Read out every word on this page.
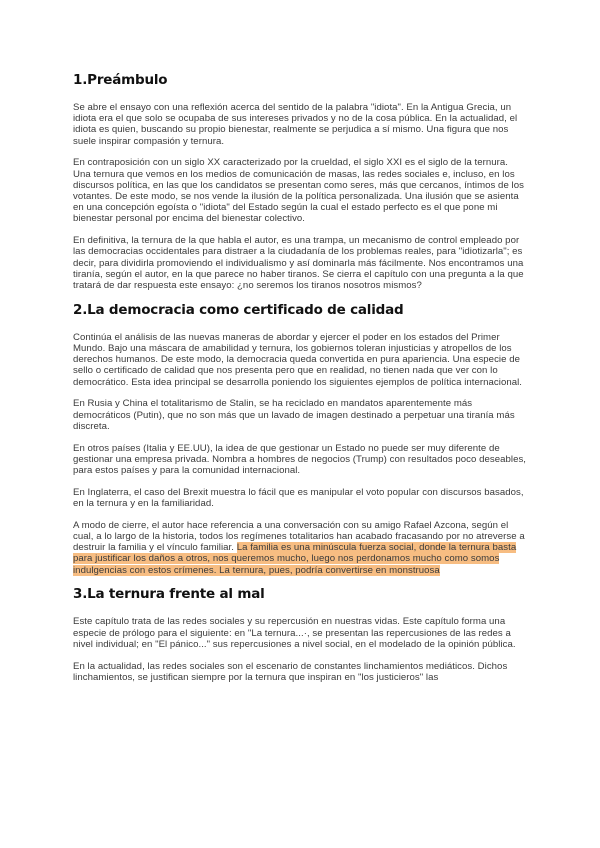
1.Preámbulo

Se abre el ensayo con una reflexión acerca del sentido de la palabra "idiota". En la Antigua Grecia, un idiota era el que solo se ocupaba de sus intereses privados y no de la cosa pública. En la actualidad, el idiota es quien, buscando su propio bienestar, realmente se perjudica a sí mismo. Una figura que nos suele inspirar compasión y ternura.

En contraposición con un siglo XX caracterizado por la crueldad, el siglo XXI es el siglo de la ternura. Una ternura que vemos en los medios de comunicación de masas, las redes sociales e, incluso, en los discursos política, en las que los candidatos se presentan como seres, más que cercanos, íntimos de los votantes. De este modo, se nos vende la ilusión de la política personalizada. Una ilusión que se asienta en una concepción egoísta o "idiota" del Estado según la cual el estado perfecto es el que pone mi bienestar personal por encima del bienestar colectivo.

En definitiva, la ternura de la que habla el autor, es una trampa, un mecanismo de control empleado por las democracias occidentales para distraer a la ciudadanía de los problemas reales, para "idiotizarla"; es decir, para dividirla promoviendo el individualismo y así dominarla más fácilmente. Nos encontramos una tiranía, según el autor, en la que parece no haber tiranos. Se cierra el capítulo con una pregunta a la que tratará de dar respuesta este ensayo: ¿no seremos los tiranos nosotros mismos?

2.La democracia como certificado de calidad

Continúa el análisis de las nuevas maneras de abordar y ejercer el poder en los estados del Primer Mundo. Bajo una máscara de amabilidad y ternura, los gobiernos toleran injusticias y atropellos de los derechos humanos. De este modo, la democracia queda convertida en pura apariencia. Una especie de sello o certificado de calidad que nos presenta pero que en realidad, no tienen nada que ver con lo democrático. Esta idea principal se desarrolla poniendo los siguientes ejemplos de política internacional.

En Rusia y China el totalitarismo de Stalin, se ha reciclado en mandatos aparentemente más democráticos (Putin), que no son más que un lavado de imagen destinado a perpetuar una tiranía más discreta.

En otros países (Italia y EE.UU), la idea de que gestionar un Estado no puede ser muy diferente de gestionar una empresa privada. Nombra a hombres de negocios (Trump) con resultados poco deseables, para estos países y para la comunidad internacional.

En Inglaterra, el caso del Brexit muestra lo fácil que es manipular el voto popular con discursos basados, en la ternura y en la familiaridad.

A modo de cierre, el autor hace referencia a una conversación con su amigo Rafael Azcona, según el cual, a lo largo de la historia, todos los regímenes totalitarios han acabado fracasando por no atreverse a destruir la familia y el vínculo familiar. La familia es una minúscula fuerza social, donde la ternura basta para justificar los daños a otros, nos queremos mucho, luego nos perdonamos mucho como somos indulgencias con estos crímenes. La ternura, pues, podría convertirse en monstruosa

3.La ternura frente al mal

Este capítulo trata de las redes sociales y su repercusión en nuestras vidas. Este capítulo forma una especie de prólogo para el siguiente: en "La ternura...·, se presentan las repercusiones de las redes a nivel individual; en "El pánico..." sus repercusiones a nivel social, en el modelado de la opinión pública.

En la actualidad, las redes sociales son el escenario de constantes linchamientos mediáticos. Dichos linchamientos, se justifican siempre por la ternura que inspiran en "los justicieros" las
